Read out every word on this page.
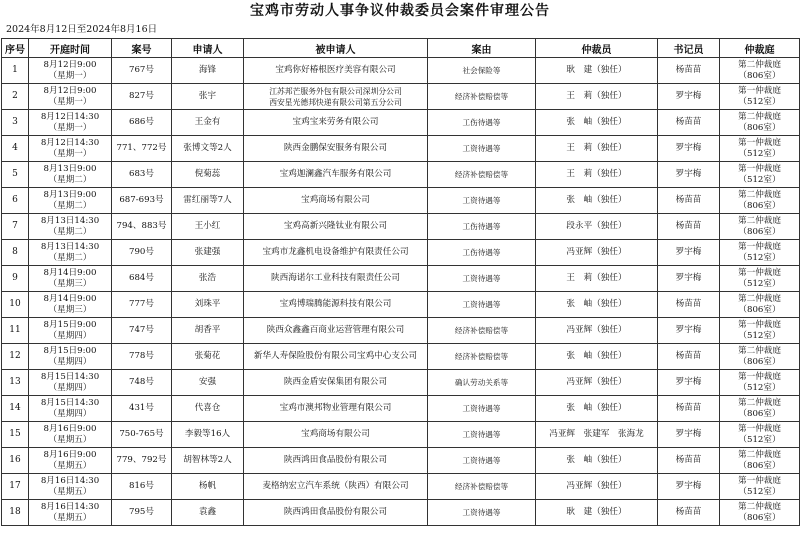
宝鸡市劳动人事争议仲裁委员会案件审理公告
2024年8月12日至2024年8月16日
序号	开庭时间	案号	申请人	被申请人	案由	仲裁员	书记员	仲裁庭
1	8月12日9:00
（星期一）	767号	海锋	宝鸡你好椿根医疗美容有限公司	社会保险等	耿　建（独任）	杨苗苗	第二仲裁庭
（806室）

2	8月12日9:00
（星期一）	827号	张宇	江苏邦芒服务外包有限公司深圳分公司
西安星光德邦快递有限公司第五分公司	经济补偿赔偿等	王　莉（独任）	罗宇梅	第一仲裁庭
（512室）

3	8月12日14:30
（星期一）	686号	王金有	宝鸡宝来劳务有限公司	工伤待遇等	张　岫（独任）	杨苗苗	第二仲裁庭
（806室）

4	8月12日14:30
（星期一）	771、772号	张博文等2人	陕西金鹏保安服务有限公司	工资待遇等	王　莉（独任）	罗宇梅	第一仲裁庭
（512室）

5	8月13日9:00
（星期二）	683号	倪菊蕊	宝鸡迦澜鑫汽车服务有限公司	经济补偿赔偿等	王　莉（独任）	罗宇梅	第一仲裁庭
（512室）

6	8月13日9:00
（星期二）	687-693号	雷红丽等7人	宝鸡商场有限公司	工资待遇等	张　岫（独任）	杨苗苗	第二仲裁庭
（806室）

7	8月13日14:30
（星期二）	794、883号	王小红	宝鸡高新兴隆钛业有限公司	工伤待遇等	段永平（独任）	杨苗苗	第二仲裁庭
（806室）

8	8月13日14:30
（星期二）	790号	张建强	宝鸡市龙鑫机电设备维护有限责任公司	工伤待遇等	冯亚辉（独任）	罗宇梅	第一仲裁庭
（512室）

9	8月14日9:00
（星期三）	684号	张浩	陕西海诺尔工业科技有限责任公司	工资待遇等	王　莉（独任）	罗宇梅	第一仲裁庭
（512室）

10	8月14日9:00
（星期三）	777号	刘珠平	宝鸡博瑞腾能源科技有限公司	工资待遇等	张　岫（独任）	杨苗苗	第二仲裁庭
（806室）

11	8月15日9:00
（星期四）	747号	胡香平	陕西众鑫鑫百商业运营管理有限公司	经济补偿赔偿等	冯亚辉（独任）	罗宇梅	第一仲裁庭
（512室）

12	8月15日9:00
（星期四）	778号	张菊花	新华人寿保险股份有限公司宝鸡中心支公司	经济补偿赔偿等	张　岫（独任）	杨苗苗	第二仲裁庭
（806室）

13	8月15日14:30
（星期四）	748号	安强	陕西金盾安保集团有限公司	确认劳动关系等	冯亚辉（独任）	罗宇梅	第一仲裁庭
（512室）

14	8月15日14:30
（星期四）	431号	代喜仓	宝鸡市澳邦物业管理有限公司	工资待遇等	张　岫（独任）	杨苗苗	第二仲裁庭
（806室）

15	8月16日9:00
（星期五）	750-765号	李毅等16人	宝鸡商场有限公司	工资待遇等	冯亚辉　张建军　张海龙	罗宇梅	第一仲裁庭
（512室）

16	8月16日9:00
（星期五）	779、792号	胡智林等2人	陕西鸿田食品股份有限公司	工资待遇等	张　岫（独任）	杨苗苗	第二仲裁庭
（806室）

17	8月16日14:30
（星期五）	816号	杨帆	麦格纳宏立汽车系统（陕西）有限公司	经济补偿赔偿等	冯亚辉（独任）	罗宇梅	第一仲裁庭
（512室）

18	8月16日14:30
（星期五）	795号	袁鑫	陕西鸿田食品股份有限公司	工资待遇等	耿　建（独任）	杨苗苗	第二仲裁庭
（806室）
